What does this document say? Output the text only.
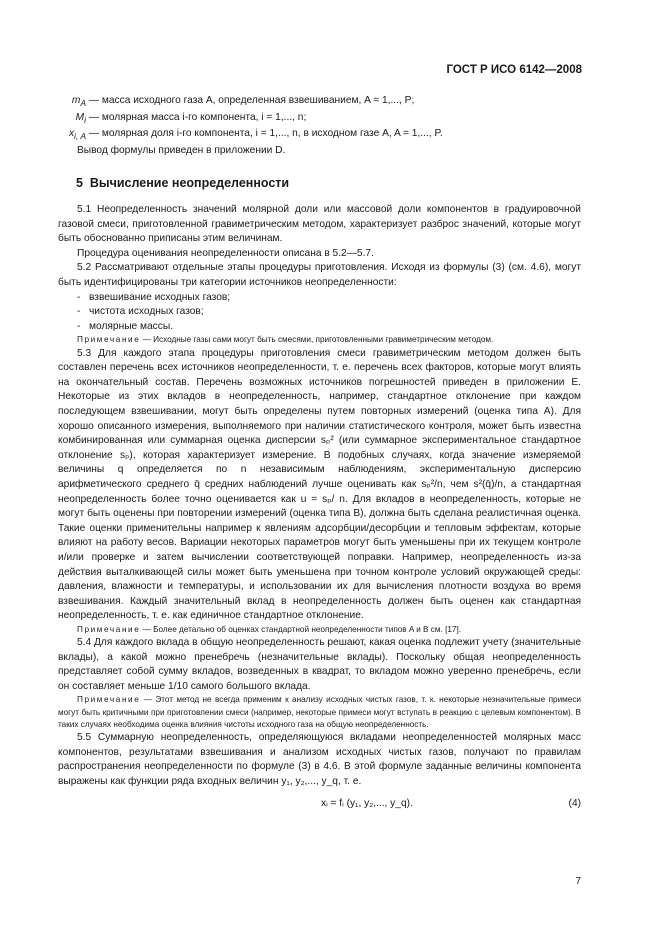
ГОСТ Р ИСО 6142—2008

$m_A$ — масса исходного газа A, определенная взвешиванием, A = 1,..., P;

$M_i$ — молярная масса i-го компонента, i = 1,..., n;

$x_{i, A}$ — молярная доля i-го компонента, i = 1,..., n, в исходном газе A, A = 1,..., P.

Вывод формулы приведен в приложении D.

5 Вычисление неопределенности

5.1 Неопределенность значений молярной доли или массовой доли компонентов в градуировочной газовой смеси, приготовленной гравиметрическим методом, характеризует разброс значений, которые могут быть обоснованно приписаны этим величинам.

Процедура оценивания неопределенности описана в 5.2—5.7.

5.2 Рассматривают отдельные этапы процедуры приготовления. Исходя из формулы (3) (см. 4.6), могут быть идентифицированы три категории источников неопределенности:

- взвешивание исходных газов;
- чистота исходных газов;
- молярные массы.

Примечание — Исходные газы сами могут быть смесями, приготовленными гравиметрическим методом.

5.3 Для каждого этапа процедуры приготовления смеси гравиметрическим методом должен быть составлен перечень всех источников неопределенности, т. е. перечень всех факторов, которые могут влиять на окончательный состав. Перечень возможных источников погрешностей приведен в приложении E. Некоторые из этих вкладов в неопределенность, например, стандартное отклонение при каждом последующем взвешивании, могут быть определены путем повторных измерений (оценка типа A). Для хорошо описанного измерения, выполняемого при наличии статистического контроля, может быть известна комбинированная или суммарная оценка дисперсии sₚ² (или суммарное экспериментальное стандартное отклонение sₚ), которая характеризует измерение. В подобных случаях, когда значение измеряемой величины q определяется по n независимым наблюдениям, экспериментальную дисперсию арифметического среднего q̄ средних наблюдений лучше оценивать как sₚ²/n, чем s²(q̄)/n, а стандартная неопределенность более точно оценивается как u = sₚ/ n. Для вкладов в неопределенность, которые не могут быть оценены при повторении измерений (оценка типа B), должна быть сделана реалистичная оценка. Такие оценки применительны например к явлениям адсорбции/десорбции и тепловым эффектам, которые влияют на работу весов. Вариации некоторых параметров могут быть уменьшены при их текущем контроле и/или проверке и затем вычислении соответствующей поправки. Например, неопределенность из-за действия выталкивающей силы может быть уменьшена при точном контроле условий окружающей среды: давления, влажности и температуры, и использовании их для вычисления плотности воздуха во время взвешивания. Каждый значительный вклад в неопределенность должен быть оценен как стандартная неопределенность, т. е. как единичное стандартное отклонение.

Примечание — Более детально об оценках стандартной неопределенности типов A и B см. [17].

5.4 Для каждого вклада в общую неопределенность решают, какая оценка подлежит учету (значительные вклады), а какой можно пренебречь (незначительные вклады). Поскольку общая неопределенность представляет собой сумму вкладов, возведенных в квадрат, то вкладом можно уверенно пренебречь, если он составляет меньше 1/10 самого большого вклада.

Примечание — Этот метод не всегда применим к анализу исходных чистых газов, т. к. некоторые незначительные примеси могут быть критичными при приготовлении смеси (например, некоторые примеси могут вступать в реакцию с целевым компонентом). В таких случаях необходима оценка влияния чистоты исходного газа на общую неопределенность.

5.5 Суммарную неопределенность, определяющуюся вкладами неопределенностей молярных масс компонентов, результатами взвешивания и анализом исходных чистых газов, получают по правилам распространения неопределенности по формуле (3) в 4.6. В этой формуле заданные величины компонента выражены как функции ряда входных величин y₁, y₂,..., y_q, т. е.

xᵢ = fᵢ (y₁, y₂,..., y_q).	(4)
7
